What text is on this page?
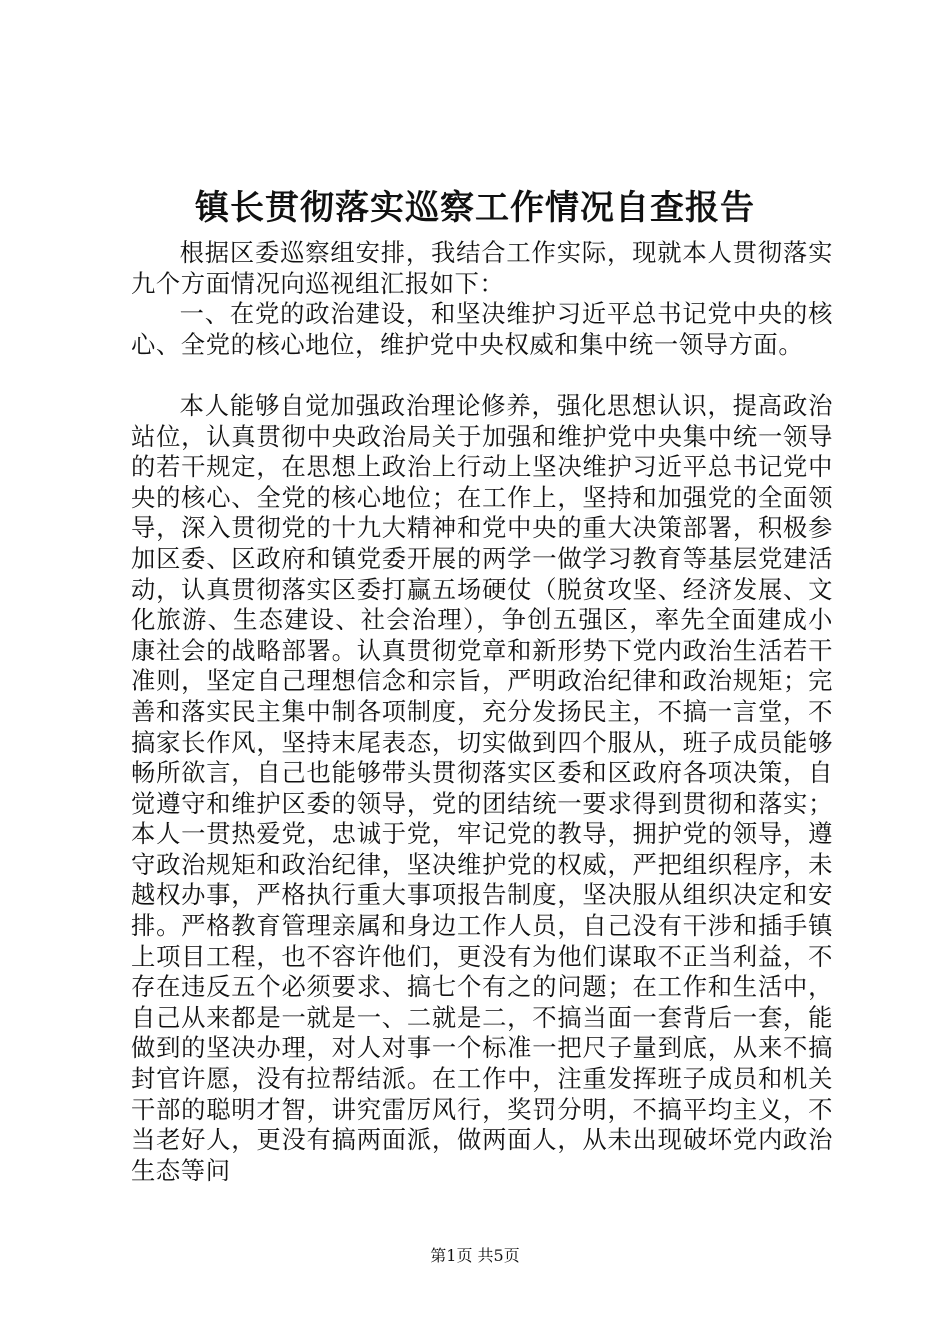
镇长贯彻落实巡察工作情况自查报告

根据区委巡察组安排，我结合工作实际，现就本人贯彻落实九个方面情况向巡视组汇报如下：

一、在党的政治建设，和坚决维护习近平总书记党中央的核心、全党的核心地位，维护党中央权威和集中统一领导方面。

本人能够自觉加强政治理论修养，强化思想认识，提高政治站位，认真贯彻中央政治局关于加强和维护党中央集中统一领导的若干规定，在思想上政治上行动上坚决维护习近平总书记党中央的核心、全党的核心地位；在工作上，坚持和加强党的全面领导，深入贯彻党的十九大精神和党中央的重大决策部署，积极参加区委、区政府和镇党委开展的两学一做学习教育等基层党建活动，认真贯彻落实区委打赢五场硬仗（脱贫攻坚、经济发展、文化旅游、生态建设、社会治理），争创五强区，率先全面建成小康社会的战略部署。认真贯彻党章和新形势下党内政治生活若干准则，坚定自己理想信念和宗旨，严明政治纪律和政治规矩；完善和落实民主集中制各项制度，充分发扬民主，不搞一言堂，不搞家长作风，坚持末尾表态，切实做到四个服从，班子成员能够畅所欲言，自己也能够带头贯彻落实区委和区政府各项决策，自觉遵守和维护区委的领导，党的团结统一要求得到贯彻和落实；本人一贯热爱党，忠诚于党，牢记党的教导，拥护党的领导，遵守政治规矩和政治纪律，坚决维护党的权威，严把组织程序，未越权办事，严格执行重大事项报告制度，坚决服从组织决定和安排。严格教育管理亲属和身边工作人员，自己没有干涉和插手镇上项目工程，也不容许他们，更没有为他们谋取不正当利益，不存在违反五个必须要求、搞七个有之的问题；在工作和生活中，自己从来都是一就是一、二就是二，不搞当面一套背后一套，能做到的坚决办理，对人对事一个标准一把尺子量到底，从来不搞封官许愿，没有拉帮结派。在工作中，注重发挥班子成员和机关干部的聪明才智，讲究雷厉风行，奖罚分明，不搞平均主义，不当老好人，更没有搞两面派，做两面人，从未出现破坏党内政治生态等问

第1页 共5页
